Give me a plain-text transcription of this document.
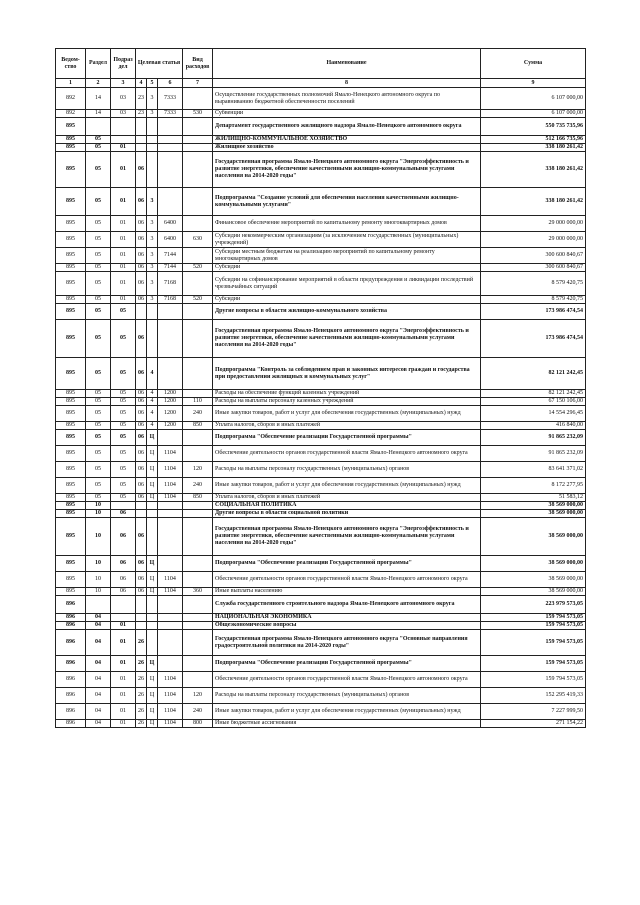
Ведом-ство	Раздел	Подраз дел	Целевая статья			Вид расходов	Наименование	Сумма
1	2	3	4	5	6	7	8	9
892	14	03	23	3	7333		Осуществление государственных полномочий Ямало-Ненецкого автономного округа по выравниванию бюджетной обеспеченности поселений	6 107 000,00
892	14	03	23	3	7333	530	Субвенции	6 107 000,00
895							Департамент государственного жилищного надзора Ямало-Ненецкого автономного округа	550 735 735,96
895	05						ЖИЛИЩНО-КОММУНАЛЬНОЕ ХОЗЯЙСТВО	512 166 735,96
895	05	01					Жилищное хозяйство	338 180 261,42
895	05	01	06				Государственная программа Ямало-Ненецкого автономного округа "Энергоэффективность и развитие энергетики, обеспечение качественными жилищно-коммунальными услугами населения на 2014-2020 годы"	338 180 261,42
895	05	01	06	3			Подпрограмма "Создание условий для обеспечения населения качественными жилищно-коммунальными услугами"	338 180 261,42
895	05	01	06	3	6400		Финансовое обеспечение мероприятий по капитальному ремонту многоквартирных домов	29 000 000,00
895	05	01	06	3	6400	630	Субсидии некоммерческим организациям (за исключением государственных (муниципальных) учреждений)	29 000 000,00
895	05	01	06	3	7144		Субсидии местным бюджетам на реализацию мероприятий по капитальному ремонту многоквартирных домов	300 600 840,67
895	05	01	06	3	7144	520	Субсидии	300 600 840,67
895	05	01	06	3	7168		Субсидии на софинансирование мероприятий в области предупреждения и ликвидации последствий чрезвычайных ситуаций	8 579 420,75
895	05	01	06	3	7168	520	Субсидии	8 579 420,75
895	05	05					Другие вопросы в области жилищно-коммунального хозяйства	173 986 474,54
895	05	05	06				Государственная программа Ямало-Ненецкого автономного округа "Энергоэффективность и развитие энергетики, обеспечение качественными жилищно-коммунальными услугами населения на 2014-2020 годы"	173 986 474,54
895	05	05	06	4			Подпрограмма "Контроль за соблюдением прав и законных интересов граждан и государства при предоставлении жилищных и коммунальных услуг"	82 121 242,45
895	05	05	06	4	1200		Расходы на обеспечение функций казенных учреждений	82 121 242,45
895	05	05	06	4	1200	110	Расходы на выплаты персоналу казенных учреждений	67 150 106,00
895	05	05	06	4	1200	240	Иные закупки товаров, работ и услуг для обеспечения государственных (муниципальных) нужд	14 554 296,45
895	05	05	06	4	1200	850	Уплата налогов, сборов и иных платежей	416 840,00
895	05	05	06	Ц			Подпрограмма "Обеспечение реализации Государственной программы"	91 865 232,09
895	05	05	06	Ц	1104		Обеспечение деятельности органов государственной власти Ямало-Ненецкого автономного округа	91 865 232,09
895	05	05	06	Ц	1104	120	Расходы на выплаты персоналу государственных (муниципальных) органов	83 641 371,02
895	05	05	06	Ц	1104	240	Иные закупки товаров, работ и услуг для обеспечения государственных (муниципальных) нужд	8 172 277,95
895	05	05	06	Ц	1104	850	Уплата налогов, сборов и иных платежей	51 583,12
895	10						СОЦИАЛЬНАЯ ПОЛИТИКА	38 569 000,00
895	10	06					Другие вопросы в области социальной политики	38 569 000,00
895	10	06	06				Государственная программа Ямало-Ненецкого автономного округа "Энергоэффективность и развитие энергетики, обеспечение качественными жилищно-коммунальными услугами населения на 2014-2020 годы"	38 569 000,00
895	10	06	06	Ц			Подпрограмма "Обеспечение реализации Государственной программы"	38 569 000,00
895	10	06	06	Ц	1104		Обеспечение деятельности органов государственной власти Ямало-Ненецкого автономного округа	38 569 000,00
895	10	06	06	Ц	1104	360	Иные выплаты населению	38 569 000,00
896							Служба государственного строительного надзора Ямало-Ненецкого автономного округа	223 979 573,05
896	04						НАЦИОНАЛЬНАЯ ЭКОНОМИКА	159 794 573,05
896	04	01					Общеэкономические вопросы	159 794 573,05
896	04	01	26				Государственная программа Ямало-Ненецкого автономного округа "Основные направления градостроительной политики на 2014-2020 годы"	159 794 573,05
896	04	01	26	Ц			Подпрограмма "Обеспечение реализации Государственной программы"	159 794 573,05
896	04	01	26	Ц	1104		Обеспечение деятельности органов государственной власти Ямало-Ненецкого автономного округа	159 794 573,05
896	04	01	26	Ц	1104	120	Расходы на выплаты персоналу государственных (муниципальных) органов	152 295 419,33
896	04	01	26	Ц	1104	240	Иные закупки товаров, работ и услуг для обеспечения государственных (муниципальных) нужд	7 227 999,50
896	04	01	26	Ц	1104	800	Иные бюджетные ассигнования	271 154,22
